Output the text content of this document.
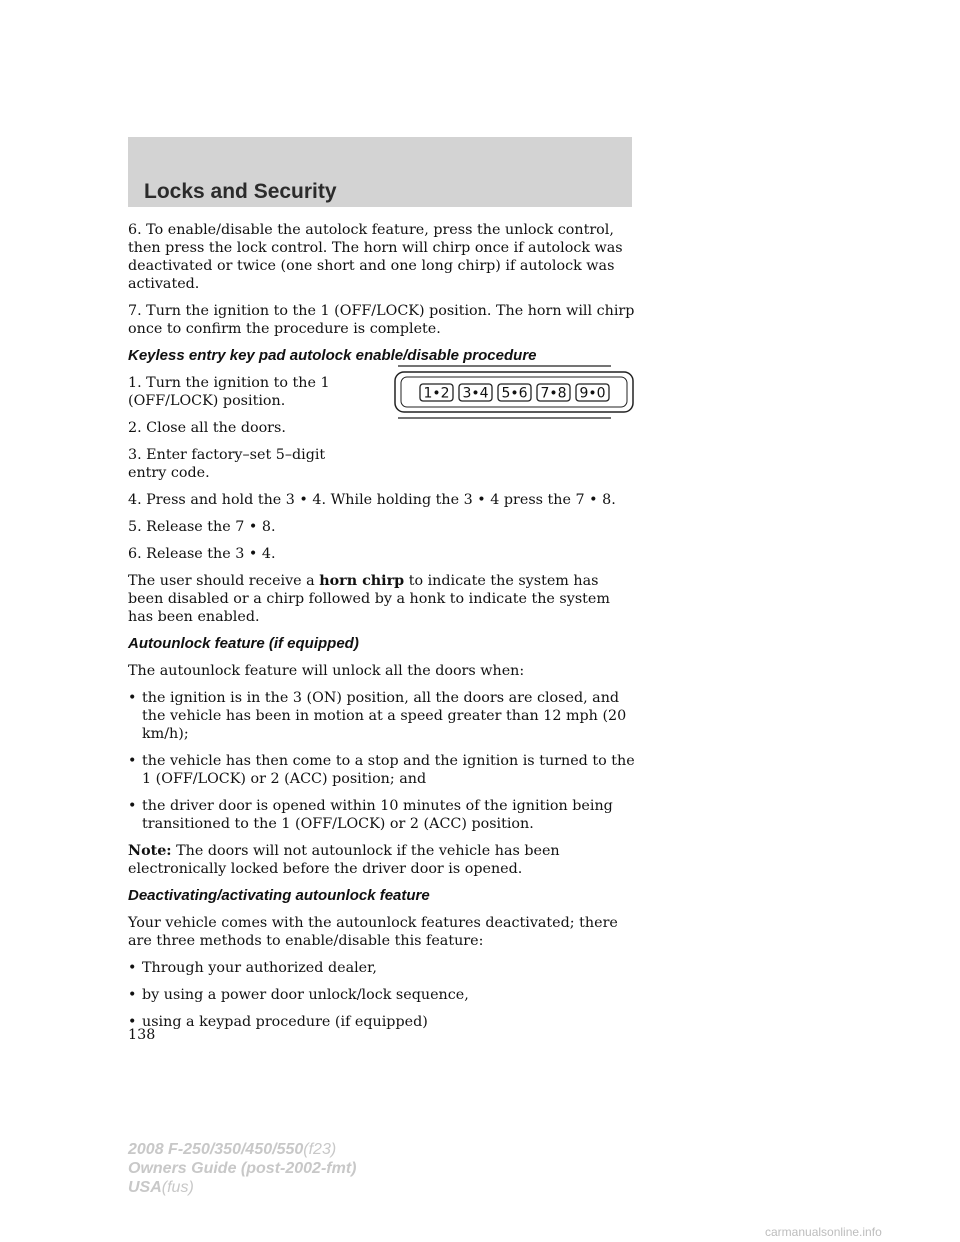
Locks and Security
1•2 3•4 5•6 7•8 9•0

6. To enable/disable the autolock feature, press the unlock control, then press the lock control. The horn will chirp once if autolock was deactivated or twice (one short and one long chirp) if autolock was activated.

7. Turn the ignition to the 1 (OFF/LOCK) position. The horn will chirp once to confirm the procedure is complete.

Keyless entry key pad autolock enable/disable procedure

1. Turn the ignition to the 1 (OFF/LOCK) position.

2. Close all the doors.

3. Enter factory–set 5–digit entry code.

4. Press and hold the 3 • 4. While holding the 3 • 4 press the 7 • 8.

5. Release the 7 • 8.

6. Release the 3 • 4.

The user should receive a horn chirp to indicate the system has been disabled or a chirp followed by a honk to indicate the system has been enabled.

Autounlock feature (if equipped)

The autounlock feature will unlock all the doors when:

• the ignition is in the 3 (ON) position, all the doors are closed, and the vehicle has been in motion at a speed greater than 12 mph (20 km/h);
• the vehicle has then come to a stop and the ignition is turned to the 1 (OFF/LOCK) or 2 (ACC) position; and
• the driver door is opened within 10 minutes of the ignition being transitioned to the 1 (OFF/LOCK) or 2 (ACC) position.

Note: The doors will not autounlock if the vehicle has been electronically locked before the driver door is opened.

Deactivating/activating autounlock feature

Your vehicle comes with the autounlock features deactivated; there are three methods to enable/disable this feature:

• Through your authorized dealer,
• by using a power door unlock/lock sequence,
• using a keypad procedure (if equipped)
138
2008 F-250/350/450/550(f23)
Owners Guide (post-2002-fmt)
USA(fus)
carmanualsonline.info
